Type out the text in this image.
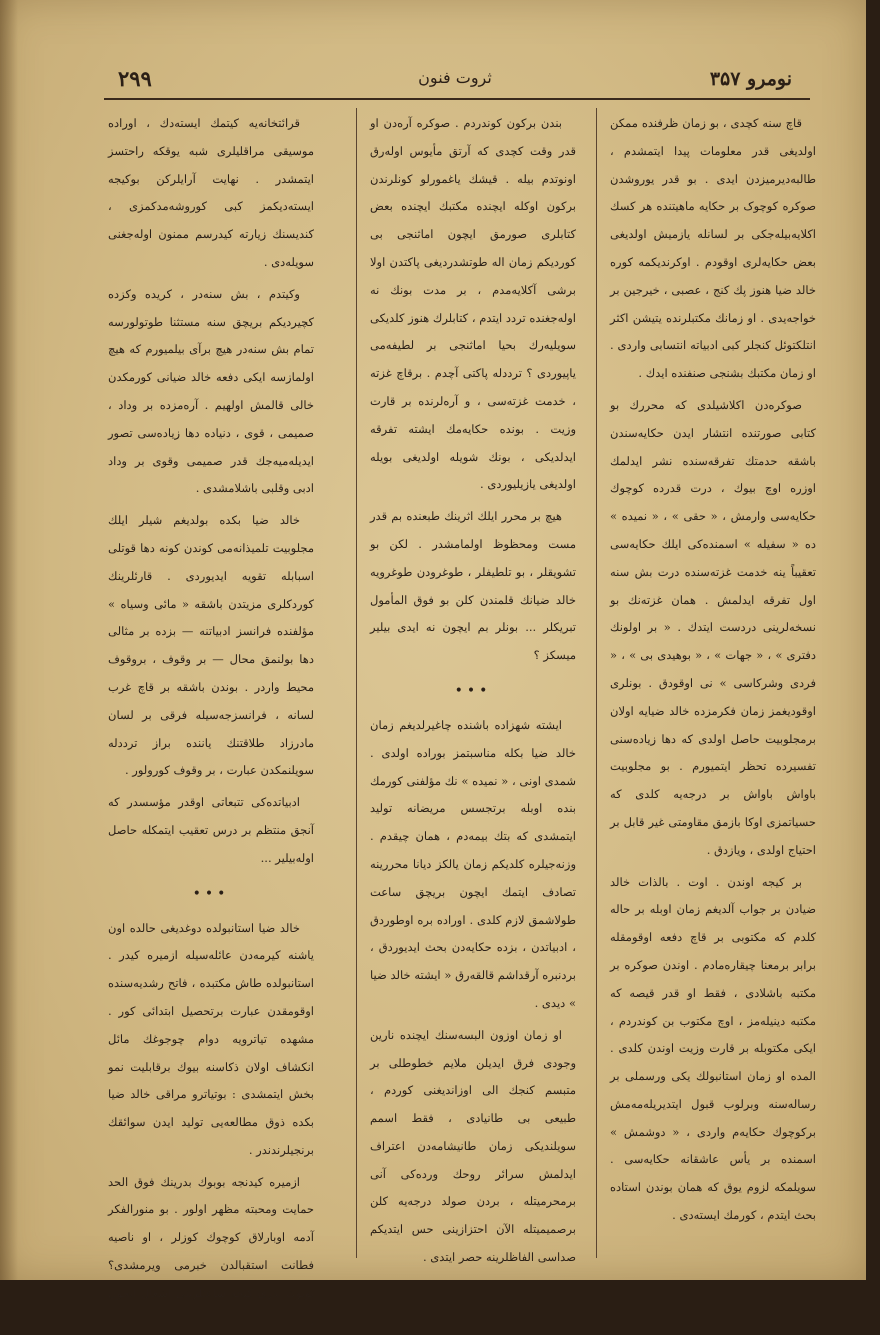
نومرو ۳۵۷
ثروت فنون
۲۹۹

قاچ سنه کچدی ، بو زمان ظرفنده ممکن اولدیغی قدر معلومات پیدا ایتمشدم ، طالبه‌دیرمیزدن ایدی . بو قدر یوروشدن صوکره کوچوک بر حکایه ماهیتنده هر کسك اکلایه‌بیله‌جکی بر لسانله یازمیش اولدیغی بعض حکایه‌لری اوقودم . اوکرندیکمه کوره خالد ضیا هنوز پك کنج ، عصبی ، خیرجین بر خواجه‌یدی . او زمانك مکتبلرنده یتیشن اکثر انتلکتوئل کنجلر کبی ادبیاته انتسابی واردی . او زمان مکتبك بشنجی صنفنده ایدك .

صوکره‌دن اکلاشیلدی که محررك بو کتابی صورتنده انتشار ایدن حکایه‌سندن باشقه حدمتك تفرقه‌سنده نشر ایدلمك اوزره اوچ بیوك ، درت قدرده کوچوك حکایه‌سی وارمش ، « حقی » ، « نمیده » ده « سفیله » اسمنده‌کی ایلك حکایه‌سی تعقیباً ینه خدمت غزته‌سنده درت بش سنه اول تفرقه ایدلمش . همان غزته‌نك بو نسخه‌لرینی دردست ایتدك . « بر اولونك دفتری » ، « جهات » ، « بوهیدی بی » ، « فردی وشرکاسی » نی اوقودق . بونلری اوقودیغمز زمان فکرمزده خالد ضیایه اولان برمجلوبیت حاصل اولدی که دها زیاده‌سنی تفسیرده تحظر ایتمیورم . بو مجلوبیت باواش باواش بر درجه‌یه کلدی که حسیاتمزی اوکا بازمق مقاومتی غیر قابل بر احتیاج اولدی ، ویازدق .

بر کیجه اوندن . اوت . بالذات خالد ضیادن بر جواب آلدیغم زمان اوبله بر حاله کلدم که مکتوبی بر قاچ دفعه اوقومقله برابر برمعنا چیقاره‌مادم . اوندن صوکره بر مکتبه باشلادی ، فقط او قدر قیصه که مکتبه دینیله‌مز ، اوچ مکتوب بن کوندردم ، ایکی مکتوبله بر قارت وزیت اوندن کلدی . المده او زمان استانبولك یکی ورسملی بر رساله‌سنه وبرلوب قبول ایتدیریله‌مه‌مش برکوچوك حکایه‌م واردی ، « دوشمش » اسمنده بر یأس عاشقانه حکایه‌سی . سویلمکه لزوم یوق که همان بوندن استاده بحث ایتدم ، کورمك ایسته‌دی .

بندن برکون کوندردم . صوکره آره‌دن او قدر وقت کچدی که آرتق مأیوس اوله‌رق اونوتدم بیله . قیشك یاغمورلو کونلرندن برکون اوکله ایچنده مکتبك ایچنده بعض کتابلری صورمق ایچون اماثنجی بی کوردیکم زمان اله طوتشدردیغی پاکتدن اولا برشی آکلایه‌مدم ، بر مدت بونك نه اوله‌جغنده تردد ایتدم ، کتابلرك هنوز کلدیکی سویلیه‌رك بحیا اماثنجی بر لطیفه‌می یاپیوردی ؟ تردد‌له پاکتی آچدم . برقاچ غزته ، خدمت غزته‌سی ، و آره‌لرنده بر قارت وزیت . بونده حکایه‌مك ایشته تفرقه ایدلدیکی ، بونك شویله اولدیغی بویله اولدیغی یازیلیوردی .

هیچ بر محرر ایلك اثرینك طبعنده بم قدر مست ومحظوظ اولمامشدر . لکن بو تشویقلر ، بو تلطیفلر ، طوغرودن طوغرویه خالد ضیانك قلمندن کلن بو فوق المأمول تبریکلر ... بونلر بم ایچون نه ایدی بیلیر میسکز ؟

•••

ایشته شهزاده باشنده چاغیرلدیغم زمان خالد ضیا بکله مناسبتمز بوراده اولدی . شمدی اونی ، « نمیده » نك مؤلفنی کورمك بنده اوبله برتجسس مریضانه تولید ایتمشدی که بتك بیمه‌دم ، همان چیقدم . وزنه‌جیلره کلدیکم زمان یالکز دیانا محررینه تصادف ایتمك ایچون بریچق ساعت طولاشمق لازم کلدی . اوراده بره اوطوردق ، ادبیاتدن ، بزده حکایه‌دن بحث ایدیوردق ، بردنبره آرقداشم قالقه‌رق « ایشته خالد ضیا » دیدی .

او زمان اوزون البسه‌سنك ایچنده نارین وجودی فرق ایدیلن ملایم خطوطلی بر متبسم کنجك الی اوزاندیغنی کوردم ، طبیعی بی طانیادی ، فقط اسمم سویلندیکی زمان طانیشامه‌دن اعتراف ایدلمش سرائر روحك ورده‌کی آنی برمحرمیتله ، بردن صولد درجه‌یه کلن برصمیمیتله الآن احتزازینی حس ایتدیکم صداسی الفاظلرینه حصر ایتدی .

قرائتخانه‌یه کیتمك ایسته‌دك ، اوراده موسیقی مراقلیلری شبه یوقکه راحتسز ایتمشدر . نهایت آرایلرکن بوکیجه ایسته‌دیکمز کبی کوروشه‌مدکمزی ، کندیسنك زیارته کیدرسم ممنون اوله‌جغنی سویله‌دی .

وکیتدم ، بش سنه‌در ، کریده وکزده کچیردیکم بریچق سنه مستثنا طوتولورسه تمام بش سنه‌در هیچ برآی بیلمیورم که هیچ اولمازسه ایکی دفعه خالد ضیانی کورمکدن خالی قالمش اولهیم . آره‌مزده بر وداد ، صمیمی ، قوی ، دنیاده دها زیاده‌سی تصور ایدیله‌میه‌جك قدر صمیمی وقوی بر وداد ادبی وقلبی باشلامشدی .

خالد ضیا بکده بولدیغم شیلر ایلك مجلوبیت تلمیذانه‌می کوندن کونه دها قوتلی اسبابله تقویه ایدیوردی . قارئلرینك کوردکلری مزیتدن باشقه « مائی وسیاه » مؤلفنده فرانسز ادبیاتنه — بزده بر مثالی دها بولنمق محال — بر وقوف ، بروقوف محیط واردر . بوندن باشقه بر قاچ غرب لسانه ، فرانسزجه‌سیله فرقی بر لسان مادرزاد طلاقتنك یاننده براز تردد‌له سویلنمکدن عبارت ، بر وقوف کورولور .

ادبیاتده‌کی تتبعاتی اوقدر مؤسسدر که آنجق منتظم بر درس تعقیب ایتمکله حاصل اوله‌بیلیر ...

•••

خالد ضیا استانبولده دوغدیغی حالده اون یاشنه کیرمه‌دن عائله‌سیله ازمیره کیدر . استانبولده طاش مکتبده ، فاتح رشدیه‌سنده اوقومقدن عبارت برتحصیل ابتدائی کور . مشهده تیاترویه دوام چوجوغك مائل انکشاف اولان ذکاسنه بیوك برقابلیت نمو بخش ایتمشدی : بوتیاترو مراقی خالد ضیا بکده ذوق مطالعه‌یی تولید ایدن سوائقك برنجیلرندندر .

ازمیره کیدنجه بوبوك بدرینك فوق الحد حمایت ومحبته مظهر اولور . بو منورالفکر آدمه اوبارلاق کوچوك کوزلر ، او ناصیه فطانت استقبالدن خبرمی ویرمشدی؟ بوبوك بدری کیجه ساعتلرینی اشغال ایچون ،
